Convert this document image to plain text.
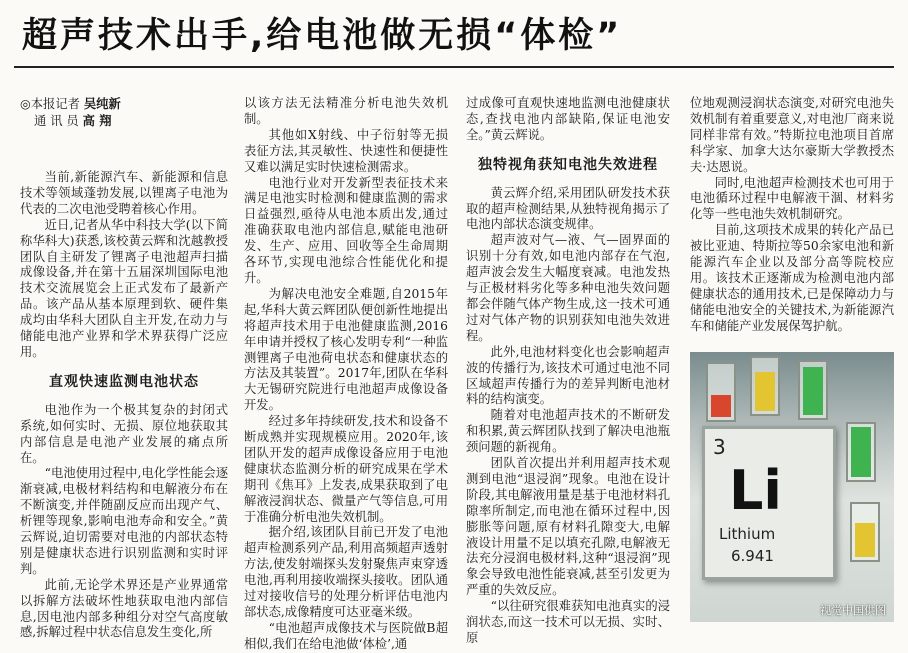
超声技术出手,给电池做无损“体检”
◎本报记者 吴纯新
通 讯 员 高 翔

当前,新能源汽车、新能源和信息技术等领域蓬勃发展,以锂离子电池为代表的二次电池受聘着核心作用。

近日,记者从华中科技大学(以下简称华科大)获悉,该校黄云辉和沈越教授团队自主研发了锂离子电池超声扫描成像设备,并在第十五届深圳国际电池技术交流展览会上正式发布了最新产品。该产品从基本原理到软、硬件集成均由华科大团队自主开发,在动力与储能电池产业界和学术界获得广泛应用。

直观快速监测电池状态

电池作为一个极其复杂的封闭式系统,如何实时、无损、原位地获取其内部信息是电池产业发展的痛点所在。

“电池使用过程中,电化学性能会逐渐衰减,电极材料结构和电解液分布在不断演变,并伴随副反应而出现产气、析锂等现象,影响电池寿命和安全。”黄云辉说,迫切需要对电池的内部状态特别是健康状态进行识别监测和实时评判。

此前,无论学术界还是产业界通常以拆解方法破坏性地获取电池内部信息,因电池内部多种组分对空气高度敏感,拆解过程中状态信息发生变化,所

以该方法无法精准分析电池失效机制。

其他如X射线、中子衍射等无损表征方法,其灵敏性、快速性和便捷性又难以满足实时快速检测需求。

电池行业对开发新型表征技术来满足电池实时检测和健康监测的需求日益强烈,亟待从电池本质出发,通过准确获取电池内部信息,赋能电池研发、生产、应用、回收等全生命周期各环节,实现电池综合性能优化和提升。

为解决电池安全难题,自2015年起,华科大黄云辉团队便创新性地提出将超声技术用于电池健康监测,2016年申请并授权了核心发明专利“一种监测锂离子电池荷电状态和健康状态的方法及其装置”。2017年,团队在华科大无锡研究院进行电池超声成像设备开发。

经过多年持续研发,技术和设备不断成熟并实现规模应用。2020年,该团队开发的超声成像设备应用于电池健康状态监测分析的研究成果在学术期刊《焦耳》上发表,成果获取到了电解液浸润状态、微量产气等信息,可用于准确分析电池失效机制。

据介绍,该团队目前已开发了电池超声检测系列产品,利用高频超声透射方法,使发射端探头发射聚焦声束穿透电池,再利用接收端探头接收。团队通过对接收信号的处理分析评估电池内部状态,成像精度可达亚毫米级。

“电池超声成像技术与医院做B超相似,我们在给电池做‘体检’,通

过成像可直观快速地监测电池健康状态,查找电池内部缺陷,保证电池安全。”黄云辉说。

独特视角获知电池失效进程

黄云辉介绍,采用团队研发技术获取的超声检测结果,从独特视角揭示了电池内部状态演变规律。

超声波对气—液、气—固界面的识别十分有效,如电池内部存在气泡,超声波会发生大幅度衰减。电池发热与正极材料劣化等多种电池失效问题都会伴随气体产物生成,这一技术可通过对气体产物的识别获知电池失效进程。

此外,电池材料变化也会影响超声波的传播行为,该技术可通过电池不同区域超声传播行为的差异判断电池材料的结构演变。

随着对电池超声技术的不断研发和积累,黄云辉团队找到了解决电池瓶颈问题的新视角。

团队首次提出并利用超声技术观测到电池“退浸润”现象。电池在设计阶段,其电解液用量是基于电池材料孔隙率所制定,而电池在循环过程中,因膨胀等问题,原有材料孔隙变大,电解液设计用量不足以填充孔隙,电解液无法充分浸润电极材料,这种“退浸润”现象会导致电池性能衰减,甚至引发更为严重的失效反应。

“以往研究很难获知电池真实的浸润状态,而这一技术可以无损、实时、原

位地观测浸润状态演变,对研究电池失效机制有着重要意义,对电池厂商来说同样非常有效。”特斯拉电池项目首席科学家、加拿大达尔豪斯大学教授杰夫·达恩说。

同时,电池超声检测技术也可用于电池循环过程中电解液干涸、材料劣化等一些电池失效机制研究。

目前,这项技术成果的转化产品已被比亚迪、特斯拉等50余家电池和新能源汽车企业以及部分高等院校应用。该技术正逐渐成为检测电池内部健康状态的通用技术,已是保障动力与储能电池安全的关键技术,为新能源汽车和储能产业发展保驾护航。

3
Li
Lithium
6.941
视觉中国供图
